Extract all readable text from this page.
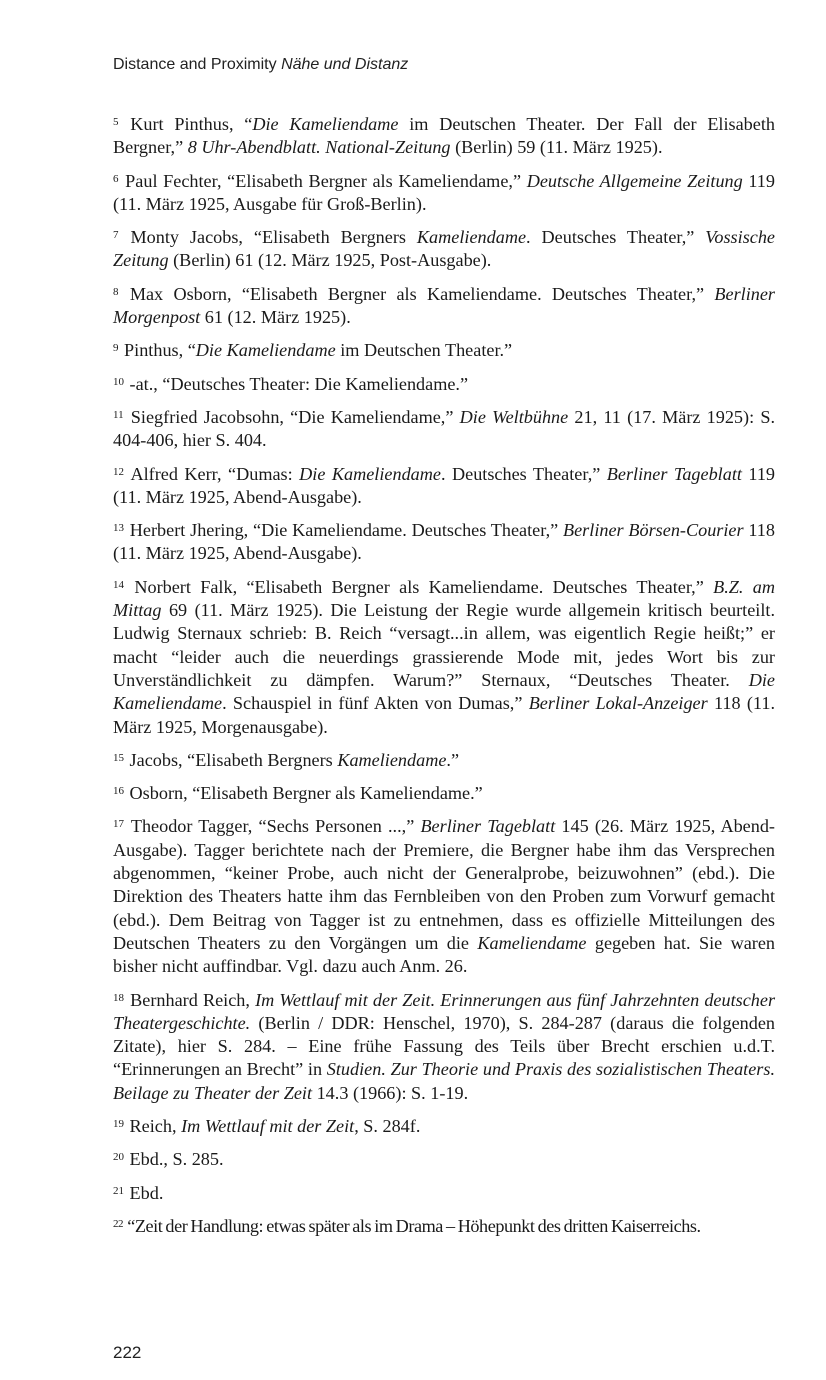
Distance and Proximity Nähe und Distanz

$^5$ Kurt Pinthus, “Die Kameliendame im Deutschen Theater. Der Fall der Elisabeth Bergner,” 8 Uhr-Abendblatt. National-Zeitung (Berlin) 59 (11. März 1925).

$^6$ Paul Fechter, “Elisabeth Bergner als Kameliendame,” Deutsche Allgemeine Zeitung 119 (11. März 1925, Ausgabe für Groß-Berlin).

$^7$ Monty Jacobs, “Elisabeth Bergners Kameliendame. Deutsches Theater,” Vossische Zeitung (Berlin) 61 (12. März 1925, Post-Ausgabe).

$^8$ Max Osborn, “Elisabeth Bergner als Kameliendame. Deutsches Theater,” Berliner Morgenpost 61 (12. März 1925).

$^9$ Pinthus, “Die Kameliendame im Deutschen Theater.”

$^{10}$ -at., “Deutsches Theater: Die Kameliendame.”

$^{11}$ Siegfried Jacobsohn, “Die Kameliendame,” Die Weltbühne 21, 11 (17. März 1925): S. 404-406, hier S. 404.

$^{12}$ Alfred Kerr, “Dumas: Die Kameliendame. Deutsches Theater,” Berliner Tageblatt 119 (11. März 1925, Abend-Ausgabe).

$^{13}$ Herbert Jhering, “Die Kameliendame. Deutsches Theater,” Berliner Börsen-Courier 118 (11. März 1925, Abend-Ausgabe).

$^{14}$ Norbert Falk, “Elisabeth Bergner als Kameliendame. Deutsches Theater,” B.Z. am Mittag 69 (11. März 1925). Die Leistung der Regie wurde allgemein kritisch beurteilt. Ludwig Sternaux schrieb: B. Reich “versagt...in allem, was eigentlich Regie heißt;” er macht “leider auch die neuerdings grassierende Mode mit, jedes Wort bis zur Unverständlichkeit zu dämpfen. Warum?” Sternaux, “Deutsches Theater. Die Kameliendame. Schauspiel in fünf Akten von Dumas,” Berliner Lokal-Anzeiger 118 (11. März 1925, Morgenausgabe).

$^{15}$ Jacobs, “Elisabeth Bergners Kameliendame.”

$^{16}$ Osborn, “Elisabeth Bergner als Kameliendame.”

$^{17}$ Theodor Tagger, “Sechs Personen ...,” Berliner Tageblatt 145 (26. März 1925, Abend-Ausgabe). Tagger berichtete nach der Premiere, die Bergner habe ihm das Versprechen abgenommen, “keiner Probe, auch nicht der Generalprobe, beizuwohnen” (ebd.). Die Direktion des Theaters hatte ihm das Fernbleiben von den Proben zum Vorwurf gemacht (ebd.). Dem Beitrag von Tagger ist zu entnehmen, dass es offizielle Mitteilungen des Deutschen Theaters zu den Vorgängen um die Kameliendame gegeben hat. Sie waren bisher nicht auffindbar. Vgl. dazu auch Anm. 26.

$^{18}$ Bernhard Reich, Im Wettlauf mit der Zeit. Erinnerungen aus fünf Jahrzehnten deutscher Theatergeschichte. (Berlin / DDR: Henschel, 1970), S. 284-287 (daraus die folgenden Zitate), hier S. 284. – Eine frühe Fassung des Teils über Brecht erschien u.d.T. “Erinnerungen an Brecht” in Studien. Zur Theorie und Praxis des sozialistischen Theaters. Beilage zu Theater der Zeit 14.3 (1966): S. 1-19.

$^{19}$ Reich, Im Wettlauf mit der Zeit, S. 284f.

$^{20}$ Ebd., S. 285.

$^{21}$ Ebd.

$^{22}$ “Zeit der Handlung: etwas später als im Drama – Höhepunkt des dritten Kaiserreichs.

222
